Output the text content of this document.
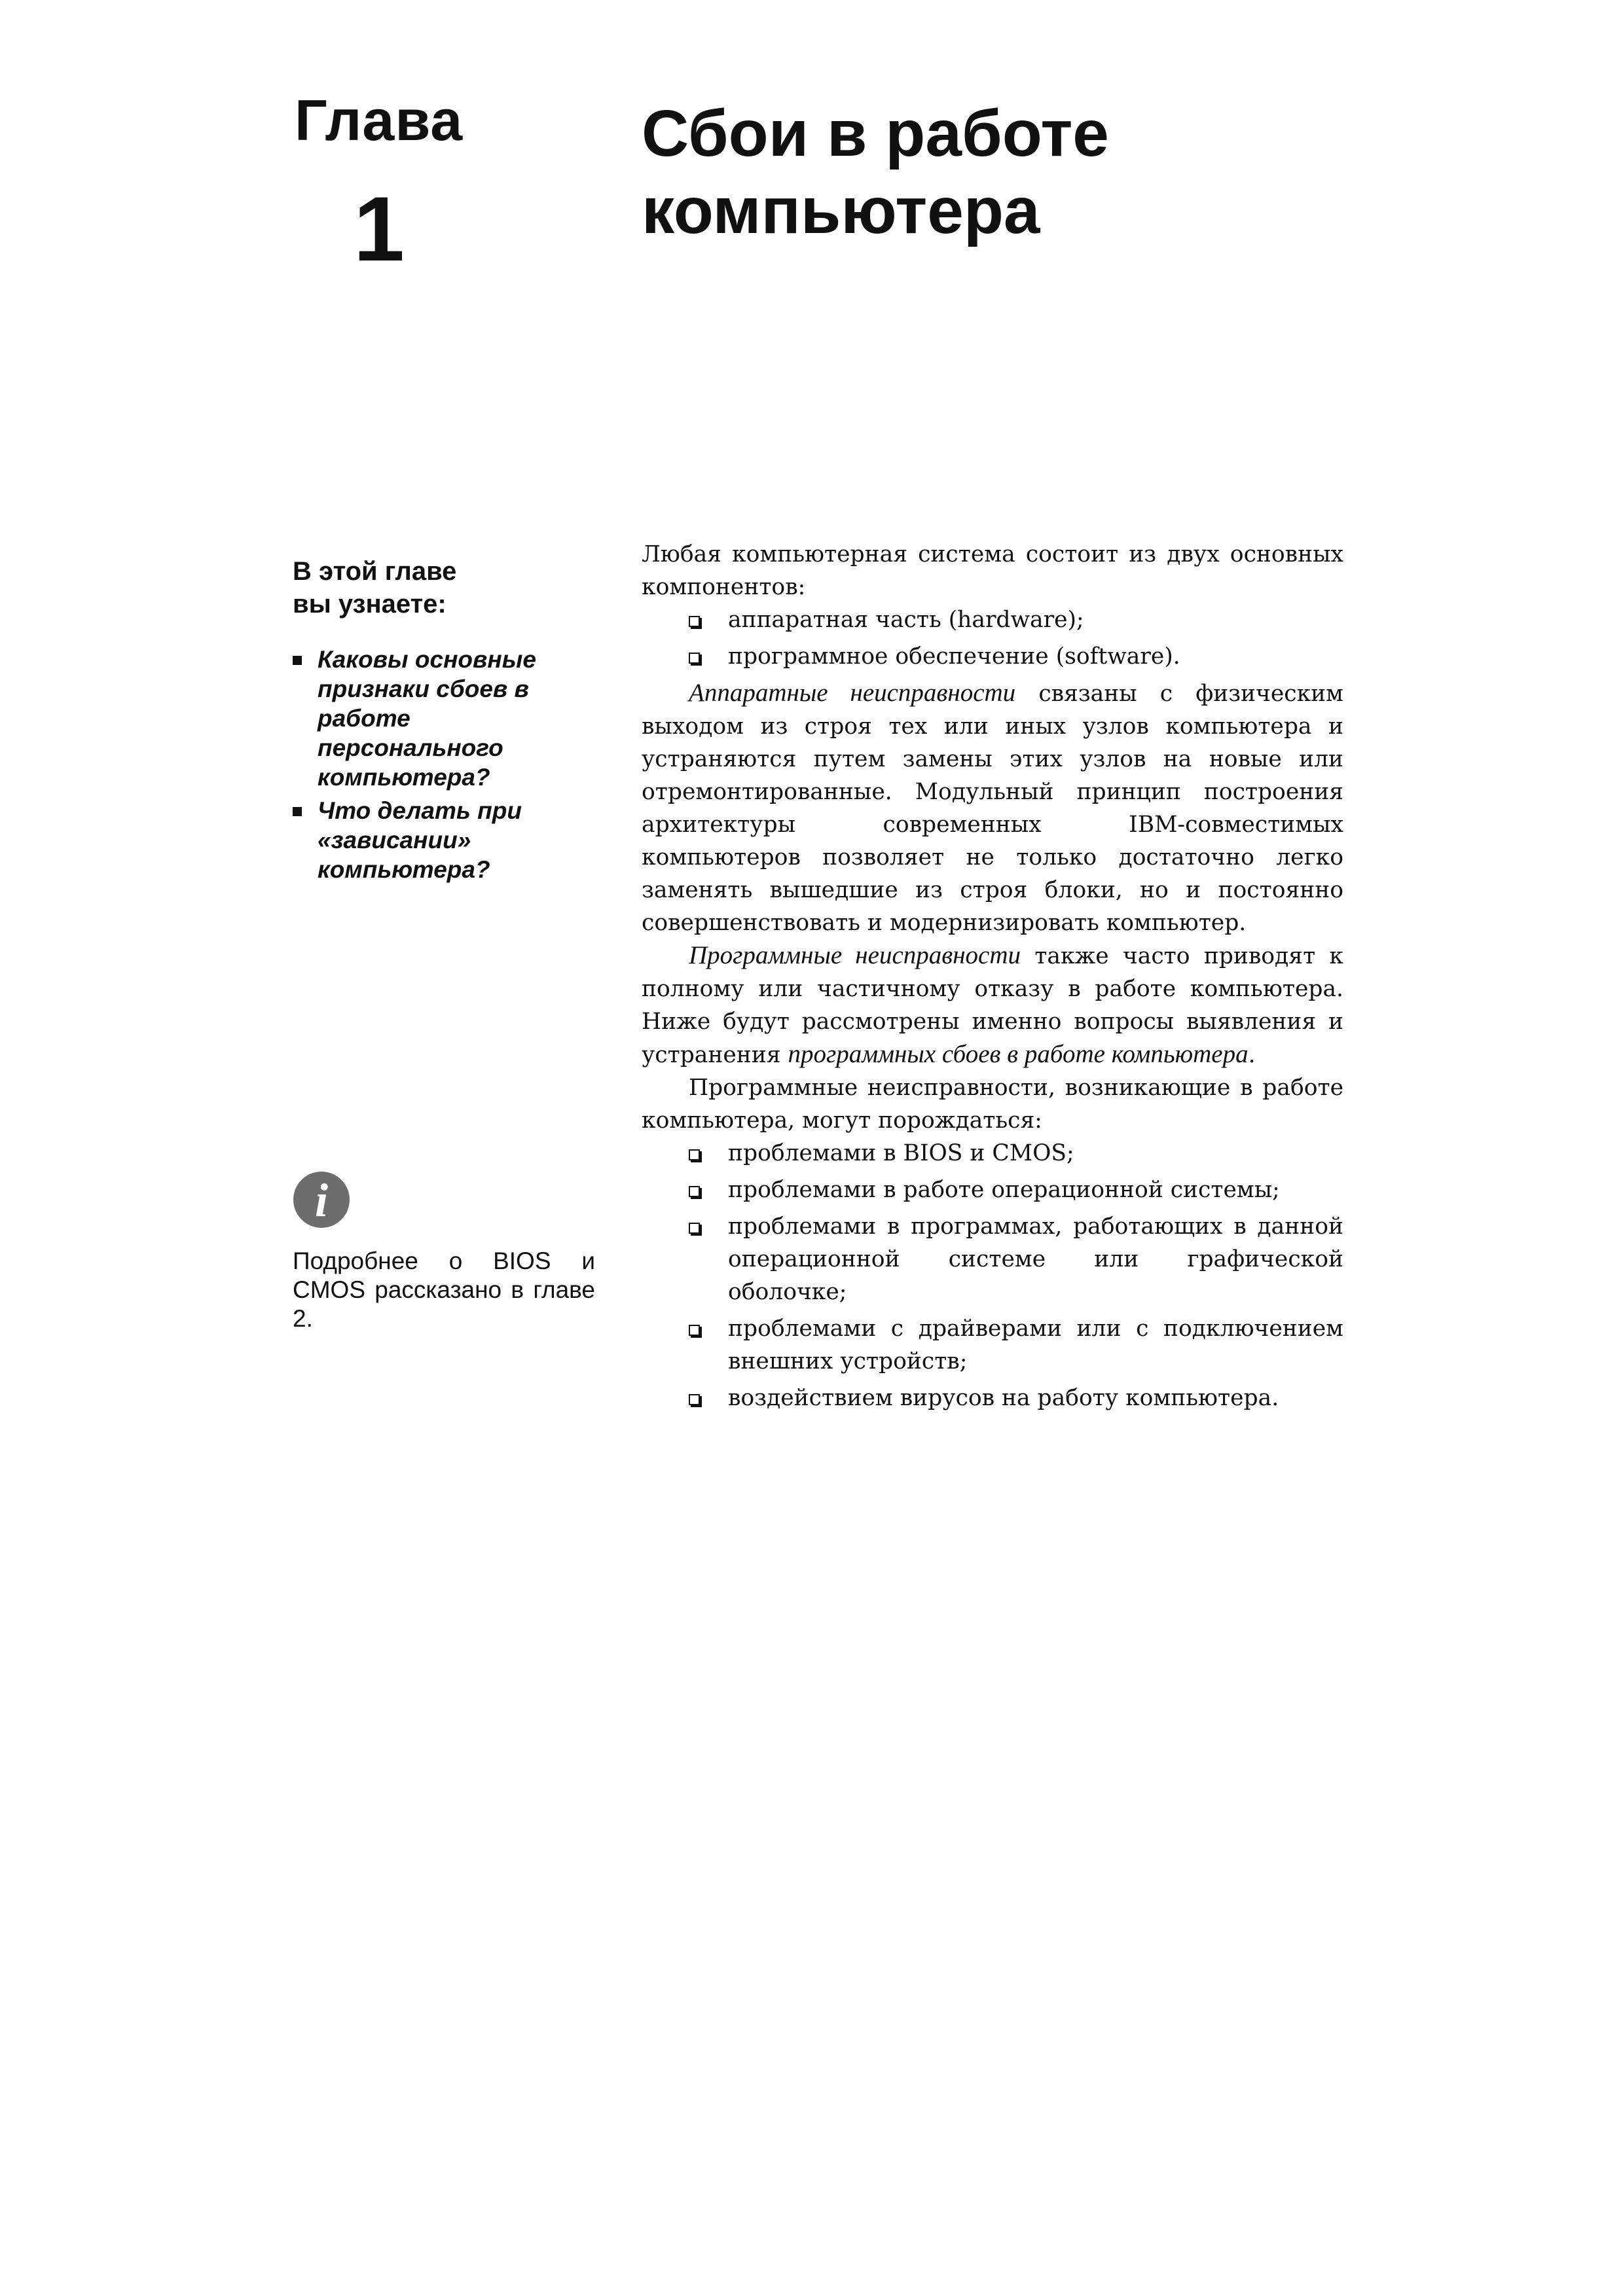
Глава
1
Сбои в работе
компьютера
В этой главе
вы узнаете:
Каковы основные признаки сбоев в работе персонального компьютера?
Что делать при «зависании» компьютера?
i
Подробнее о BIOS и CMOS рассказано в главе 2.

Любая компьютерная система состоит из двух основных компонентов:

аппаратная часть (hardware);
программное обеспечение (software).

Аппаратные неисправности связаны с физическим выходом из строя тех или иных узлов компьютера и устраняются путем замены этих узлов на новые или отремонтированные. Модульный принцип построения архитектуры современных IBM-совместимых компьютеров позволяет не только достаточно легко заменять вышедшие из строя блоки, но и постоянно совершенствовать и модернизировать компьютер.

Программные неисправности также часто приводят к полному или частичному отказу в работе компьютера. Ниже будут рассмотрены именно вопросы выявления и устранения программных сбоев в работе компьютера.

Программные неисправности, возникающие в работе компьютера, могут порождаться:

проблемами в BIOS и CMOS;
проблемами в работе операционной системы;
проблемами в программах, работающих в данной операционной системе или графической оболочке;
проблемами с драйверами или с подключением внешних устройств;
воздействием вирусов на работу компьютера.
